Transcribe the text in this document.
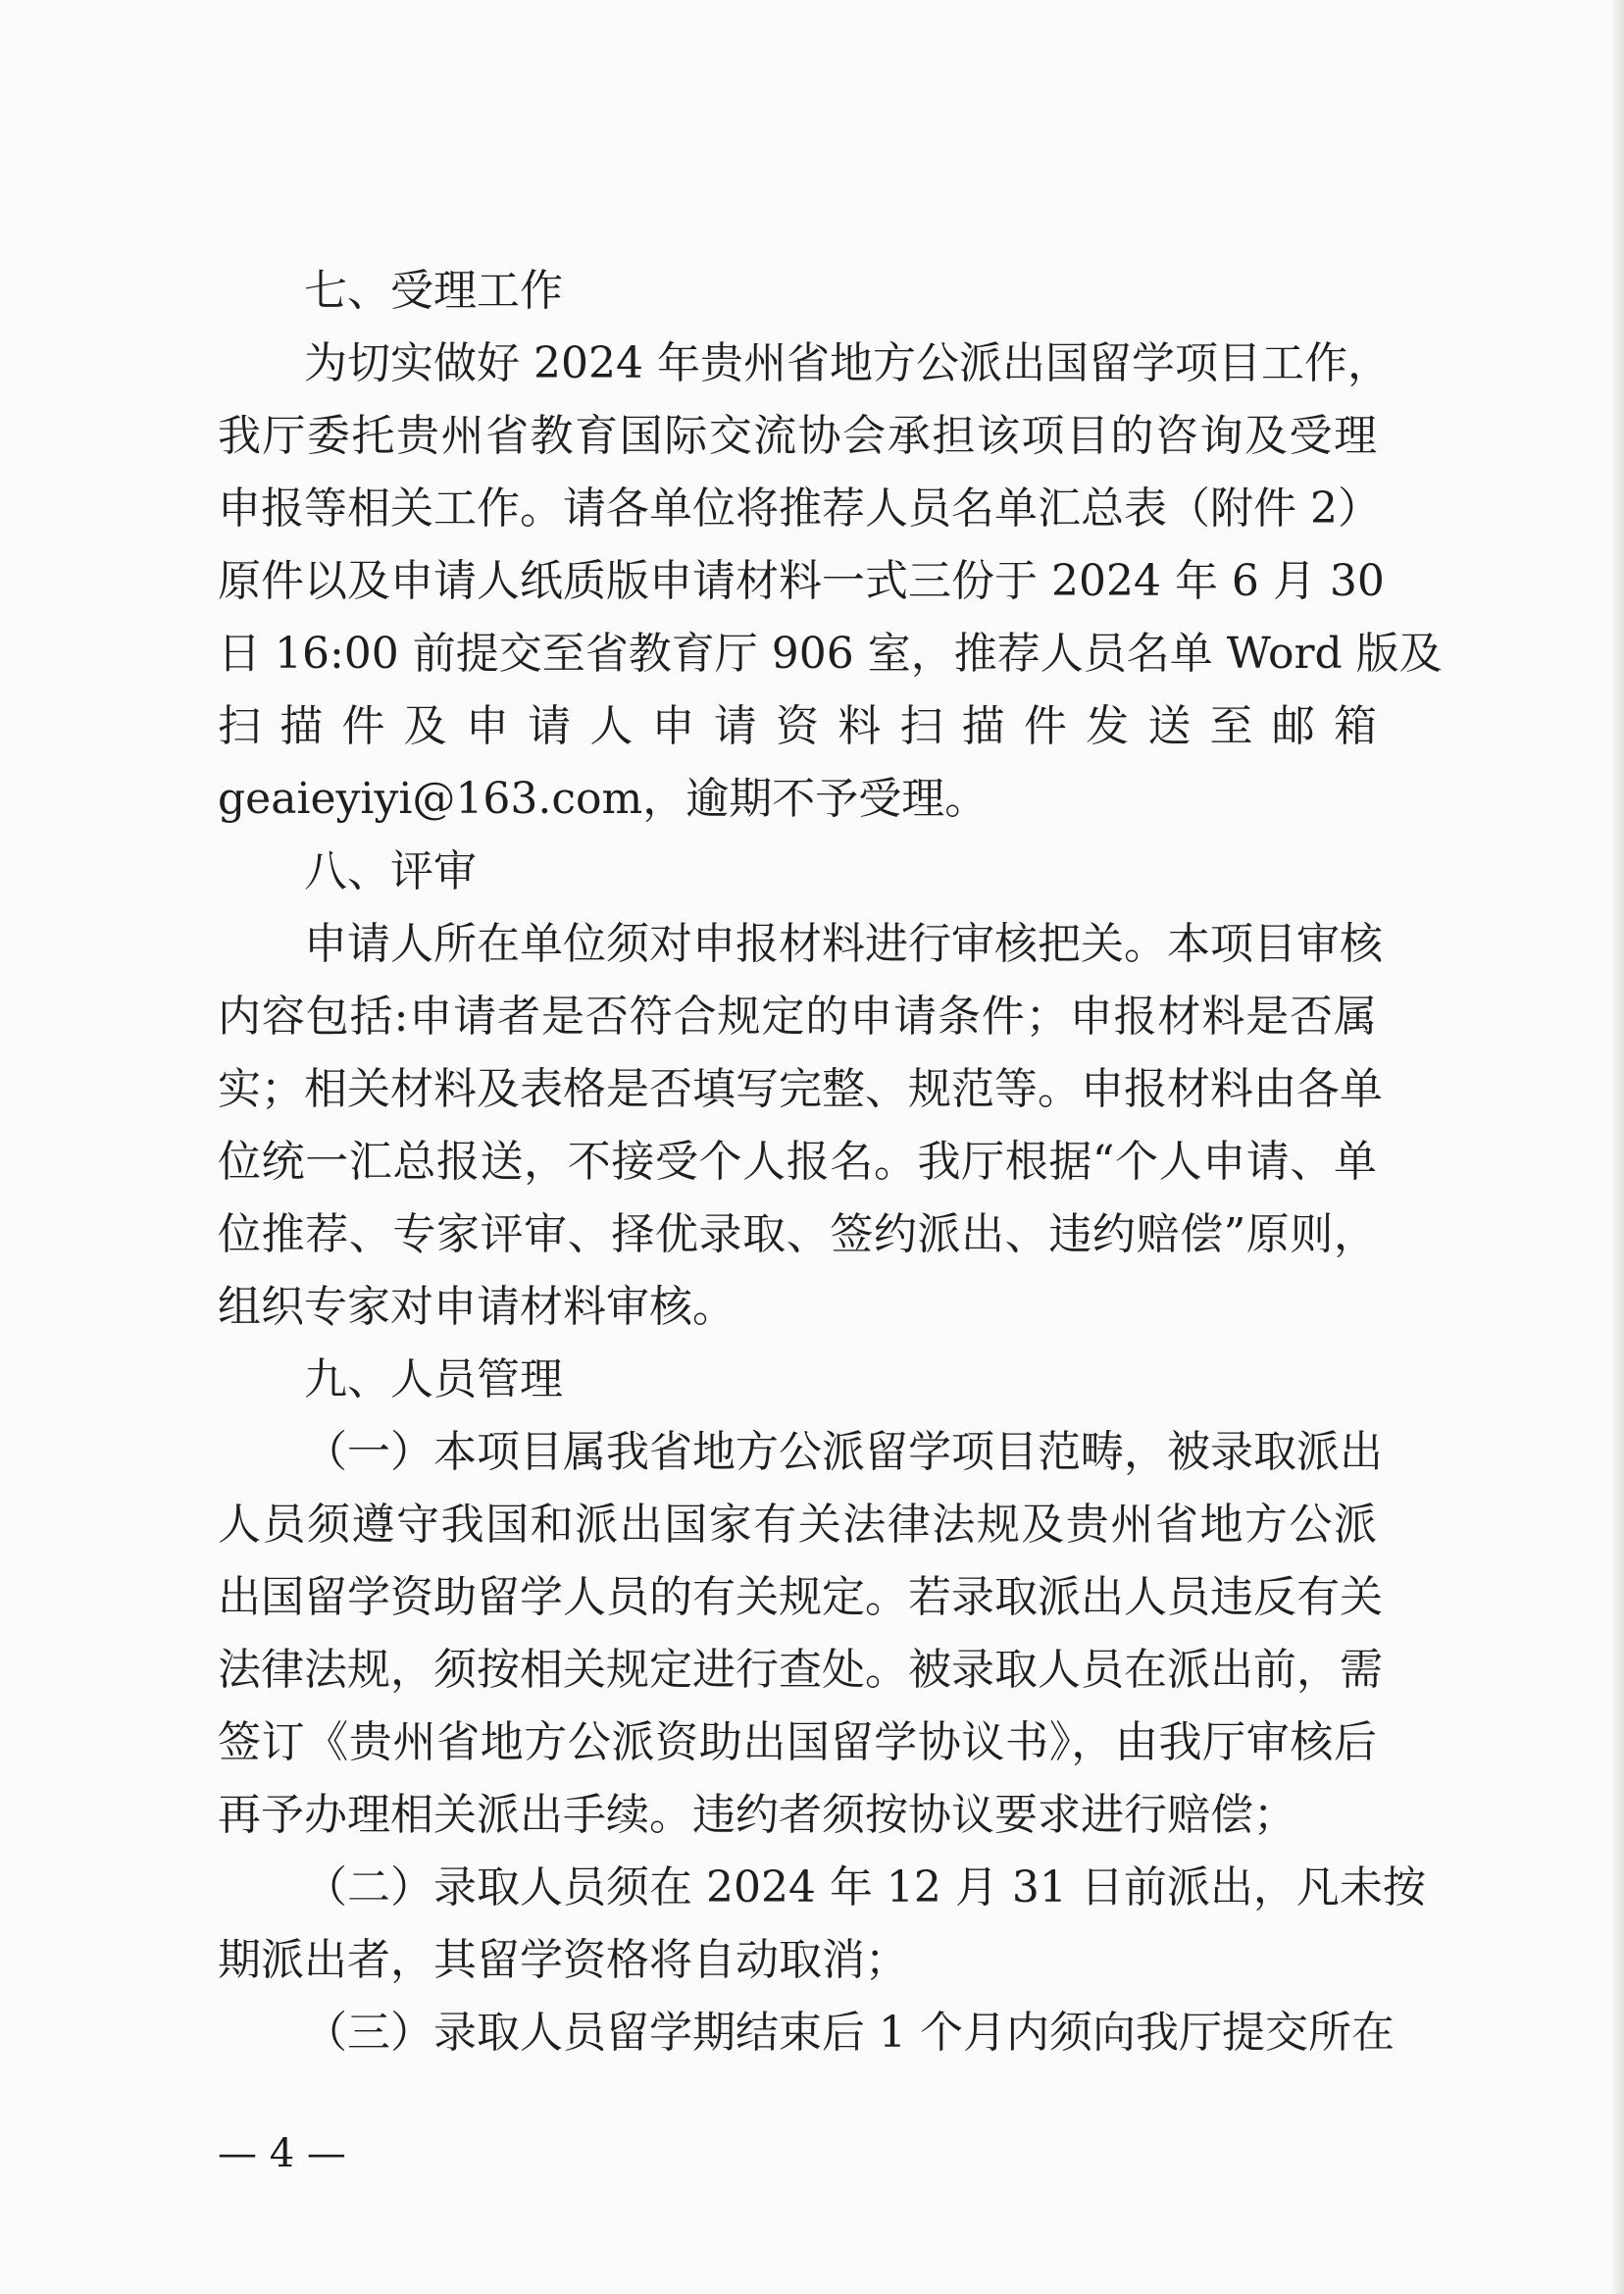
七、受理工作

为切实做好 2024 年贵州省地方公派出国留学项目工作，
我厅委托贵州省教育国际交流协会承担该项目的咨询及受理
申报等相关工作。请各单位将推荐人员名单汇总表（附件 2）
原件以及申请人纸质版申请材料一式三份于 2024 年 6 月 30
日 16:00 前提交至省教育厅 906 室，推荐人员名单 Word 版及
扫描件及申请人申请资料扫描件发送至邮箱
geaieyiyi@163.com，逾期不予受理。

八、评审

申请人所在单位须对申报材料进行审核把关。本项目审核
内容包括:申请者是否符合规定的申请条件；申报材料是否属
实；相关材料及表格是否填写完整、规范等。申报材料由各单
位统一汇总报送，不接受个人报名。我厅根据“个人申请、单
位推荐、专家评审、择优录取、签约派出、违约赔偿”原则，
组织专家对申请材料审核。

九、人员管理

（一）本项目属我省地方公派留学项目范畴，被录取派出
人员须遵守我国和派出国家有关法律法规及贵州省地方公派
出国留学资助留学人员的有关规定。若录取派出人员违反有关
法律法规，须按相关规定进行查处。被录取人员在派出前，需
签订《贵州省地方公派资助出国留学协议书》，由我厅审核后
再予办理相关派出手续。违约者须按协议要求进行赔偿；

（二）录取人员须在 2024 年 12 月 31 日前派出，凡未按
期派出者，其留学资格将自动取消；

（三）录取人员留学期结束后 1 个月内须向我厅提交所在

— 4 —
